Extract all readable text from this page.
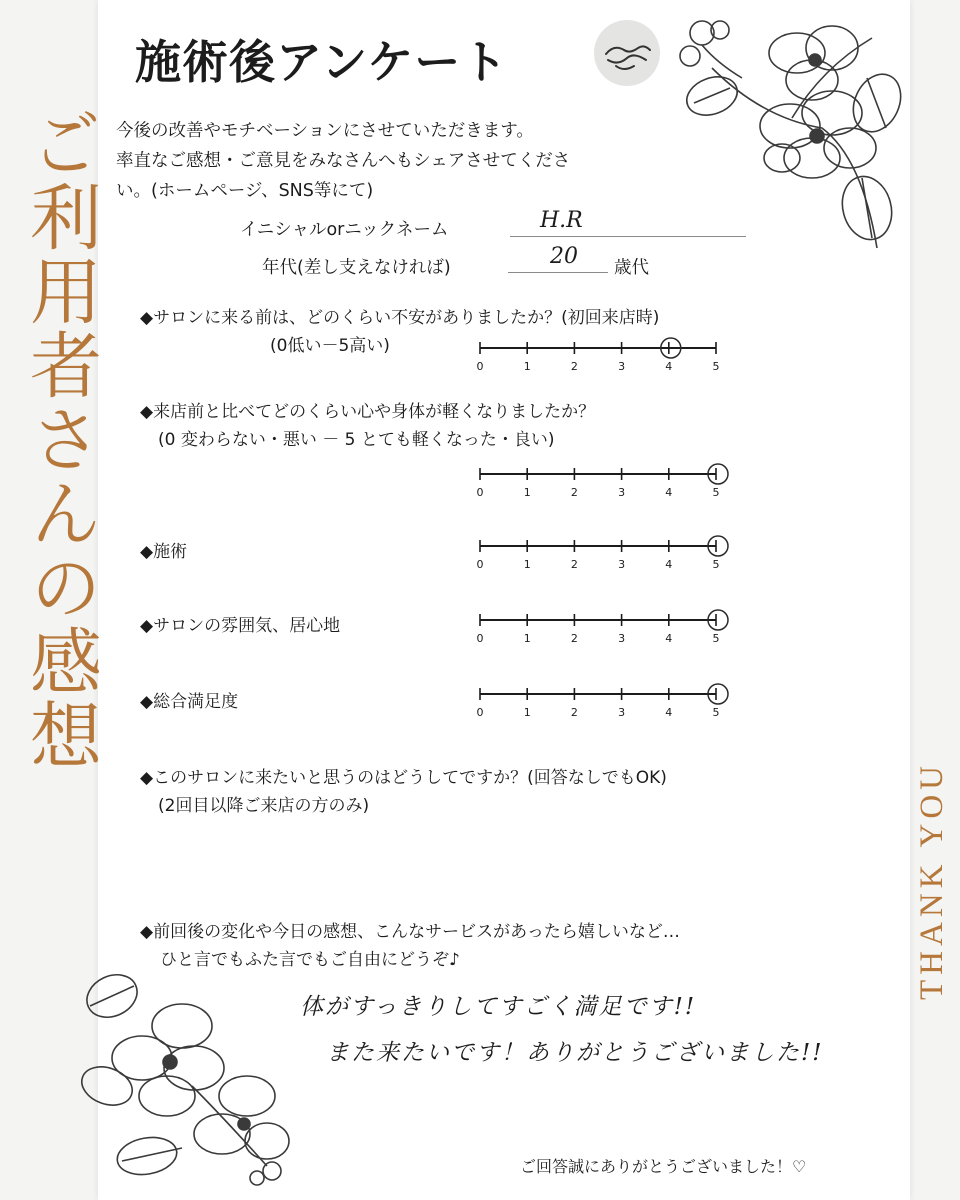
ご利用者さんの感想
THANK YOU
施術後アンケート
今後の改善やモチベーションにさせていただきます。
率直なご感想・ご意見をみなさんへもシェアさせてくださ
い。(ホームページ、SNS等にて)
イニシャルorニックネーム	H.R
年代(差し支えなければ)	20 歳代
◆サロンに来る前は、どのくらい不安がありましたか？(初回来店時)
(0低い－5高い)
0	1	2	3	4	5
◆来店前と比べてどのくらい心や身体が軽くなりましたか？
(0 変わらない・悪い － 5 とても軽くなった・良い)
0	1	2	3	4	5
◆施術
0	1	2	3	4	5
◆サロンの雰囲気、居心地
0	1	2	3	4	5
◆総合満足度
0	1	2	3	4	5
◆このサロンに来たいと思うのはどうしてですか？(回答なしでもOK)
(2回目以降ご来店の方のみ)
◆前回後の変化や今日の感想、こんなサービスがあったら嬉しいなど…
ひと言でもふた言でもご自由にどうぞ♪
体がすっきりしてすごく満足です!!
また来たいです！ありがとうございました!!
ご回答誠にありがとうございました！♡
